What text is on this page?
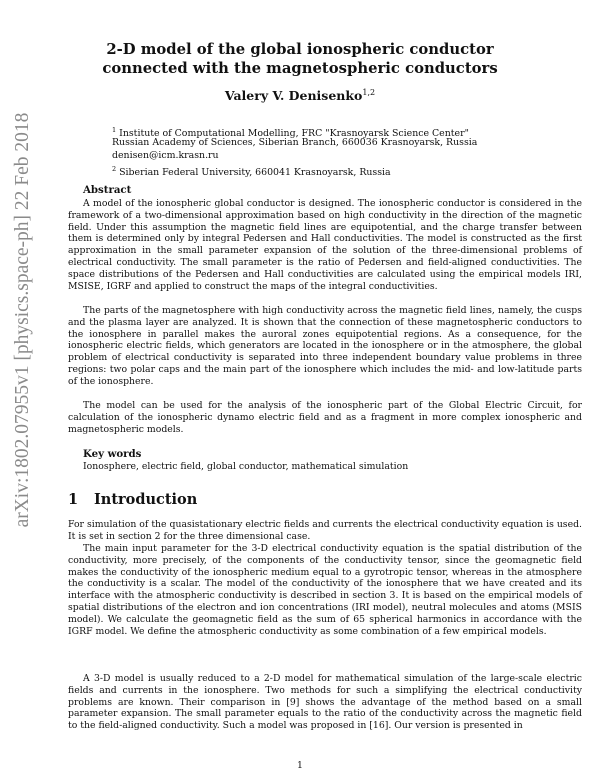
arXiv:1802.07955v1 [physics.space-ph] 22 Feb 2018
2-D model of the global ionospheric conductor
connected with the magnetospheric conductors
Valery V. Denisenko$^{1,2}$
$^1$ Institute of Computational Modelling, FRC "Krasnoyarsk Science Center"
Russian Academy of Sciences, Siberian Branch, 660036 Krasnoyarsk, Russia
denisen@icm.krasn.ru
$^2$ Siberian Federal University, 660041 Krasnoyarsk, Russia
Abstract

A model of the ionospheric global conductor is designed. The ionospheric conductor is considered in the framework of a two-dimensional approximation based on high conductivity in the direction of the magnetic field. Under this assumption the magnetic field lines are equipotential, and the charge transfer between them is determined only by integral Pedersen and Hall conductivities. The model is constructed as the first approximation in the small parameter expansion of the solution of the three-dimensional problems of electrical conductivity. The small parameter is the ratio of Pedersen and field-aligned conductivities. The space distributions of the Pedersen and Hall conductivities are calculated using the empirical models IRI, MSISE, IGRF and applied to construct the maps of the integral conductivities.

The parts of the magnetosphere with high conductivity across the magnetic field lines, namely, the cusps and the plasma layer are analyzed. It is shown that the connection of these magnetospheric conductors to the ionosphere in parallel makes the auroral zones equipotential regions. As a consequence, for the ionospheric electric fields, which generators are located in the ionosphere or in the atmosphere, the global problem of electrical conductivity is separated into three independent boundary value problems in three regions: two polar caps and the main part of the ionosphere which includes the mid- and low-latitude parts of the ionosphere.

The model can be used for the analysis of the ionospheric part of the Global Electric Circuit, for calculation of the ionospheric dynamo electric field and as a fragment in more complex ionospheric and magnetospheric models.

Key words
Ionosphere, electric field, global conductor, mathematical simulation
1 Introduction

For simulation of the quasistationary electric fields and currents the electrical conductivity equation is used. It is set in section 2 for the three dimensional case.

The main input parameter for the 3-D electrical conductivity equation is the spatial distribution of the conductivity, more precisely, of the components of the conductivity tensor, since the geomagnetic field makes the conductivity of the ionospheric medium equal to a gyrotropic tensor, whereas in the atmosphere the conductivity is a scalar. The model of the conductivity of the ionosphere that we have created and its interface with the atmospheric conductivity is described in section 3. It is based on the empirical models of spatial distributions of the electron and ion concentrations (IRI model), neutral molecules and atoms (MSIS model). We calculate the geomagnetic field as the sum of 65 spherical harmonics in accordance with the IGRF model. We define the atmospheric conductivity as some combination of a few empirical models.

A 3-D model is usually reduced to a 2-D model for mathematical simulation of the large-scale electric fields and currents in the ionosphere. Two methods for such a simplifying the electrical conductivity problems are known. Their comparison in [9] shows the advantage of the method based on a small parameter expansion. The small parameter equals to the ratio of the conductivity across the magnetic field to the field-aligned conductivity. Such a model was proposed in [16]. Our version is presented in

1
